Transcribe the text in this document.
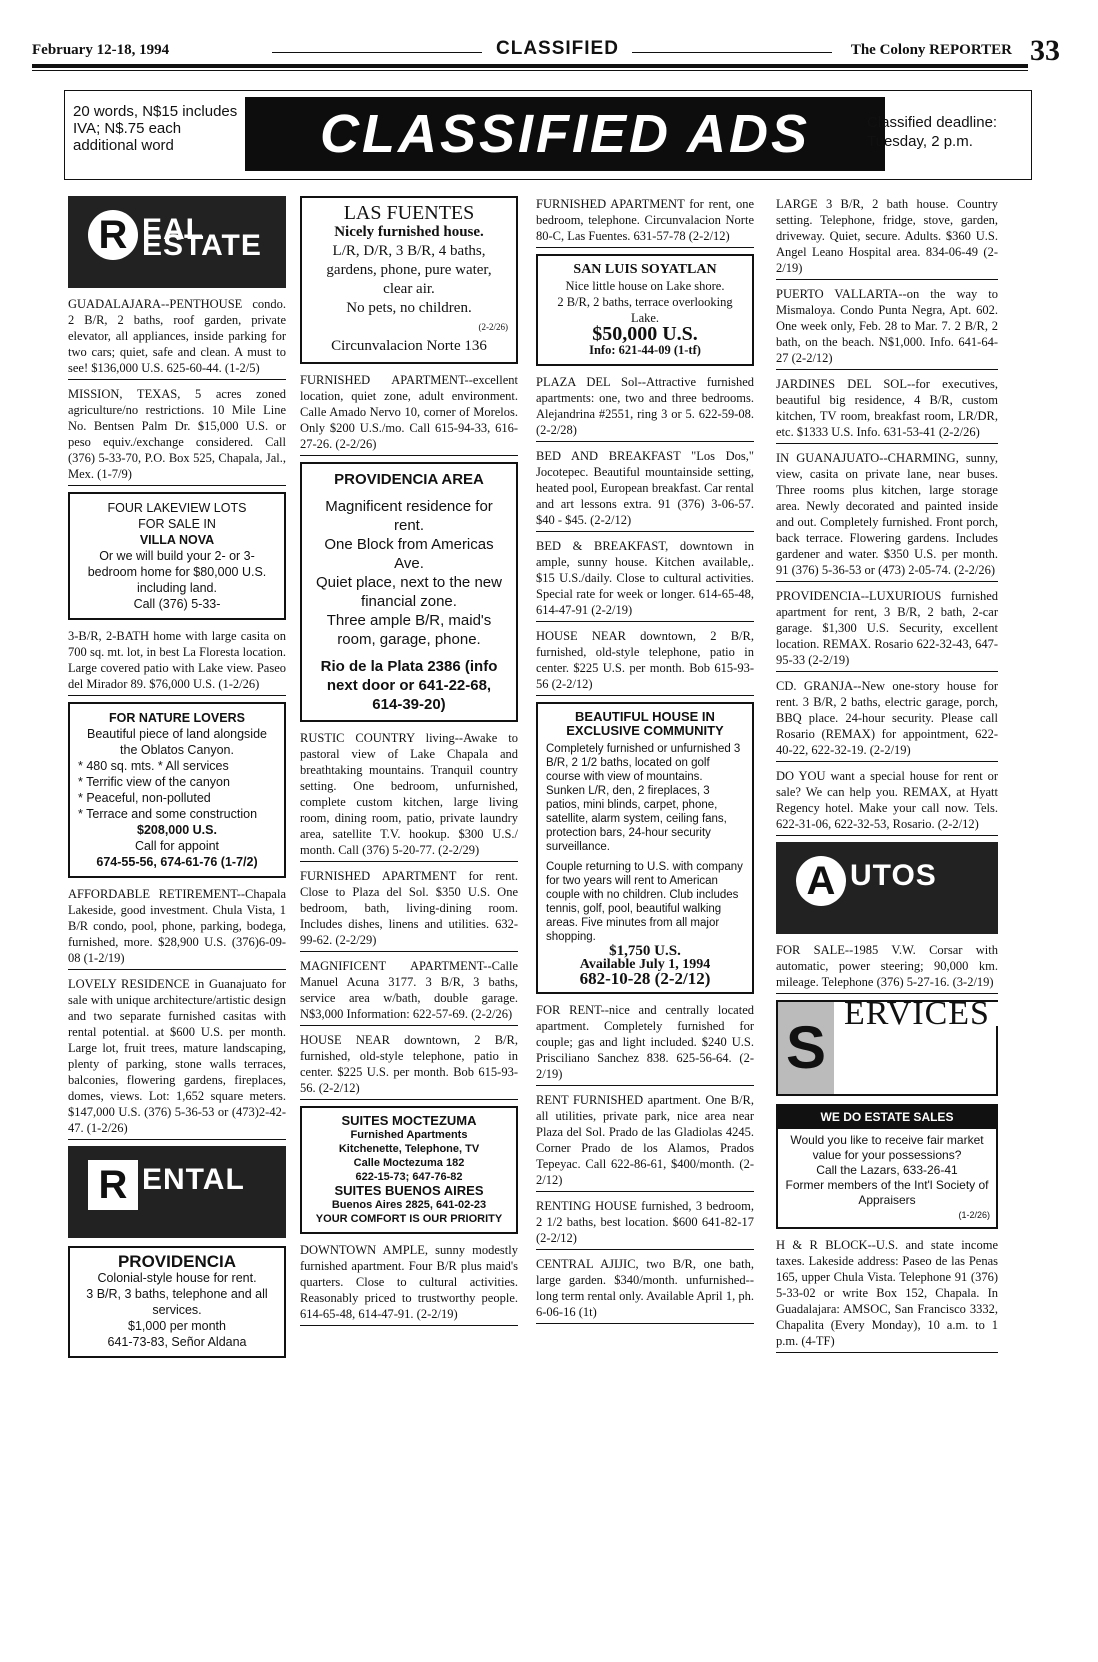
February 12-18, 1994	CLASSIFIED	The Colony REPORTER 33
20 words, N$15 includes IVA; N$.75 each additional word	CLASSIFIED ADS	Classified deadline: Tuesday, 2 p.m.
R EAL ESTATE

GUADALAJARA--PENTHOUSE condo. 2 B/R, 2 baths, roof garden, private elevator, all appliances, inside parking for two cars; quiet, safe and clean. A must to see! $136,000 U.S. 625-60-44. (1-2/5)

MISSION, TEXAS, 5 acres zoned agriculture/no restrictions. 10 Mile Line No. Bentsen Palm Dr. $15,000 U.S. or peso equiv./exchange considered. Call (376) 5-33-70, P.O. Box 525, Chapala, Jal., Mex. (1-7/9)

FOUR LAKEVIEW LOTS
FOR SALE IN
VILLA NOVA
Or we will build your 2- or 3-bedroom home for $80,000 U.S. including land.
Call (376) 5-33-

3-B/R, 2-BATH home with large casita on 700 sq. mt. lot, in best La Floresta location. Large covered patio with Lake view. Paseo del Mirador 89. $76,000 U.S. (1-2/26)

FOR NATURE LOVERS
Beautiful piece of land alongside the Oblatos Canyon.
* 480 sq. mts. * All services
* Terrific view of the canyon
* Peaceful, non-polluted
* Terrace and some construction
$208,000 U.S.
Call for appoint
674-55-56, 674-61-76 (1-7/2)

AFFORDABLE RETIREMENT--Chapala Lakeside, good investment. Chula Vista, 1 B/R condo, pool, phone, parking, bodega, furnished, more. $28,900 U.S. (376)6-09-08 (1-2/19)

LOVELY RESIDENCE in Guanajuato for sale with unique architecture/artistic design and two separate furnished casitas with rental potential. at $600 U.S. per month. Large lot, fruit trees, mature landscaping, plenty of parking, stone walls terraces, balconies, flowering gardens, fireplaces, domes, views. Lot: 1,652 square meters. $147,000 U.S. (376) 5-36-53 or (473)2-42-47. (1-2/26)

R ENTAL
PROVIDENCIA
Colonial-style house for rent.
3 B/R, 3 baths, telephone and all services.
$1,000 per month
641-73-83, Señor Aldana
LAS FUENTES
Nicely furnished house.
L/R, D/R, 3 B/R, 4 baths, gardens, phone, pure water, clear air.
No pets, no children.
(2-2/26)
Circunvalacion Norte 136

FURNISHED APARTMENT--excellent location, quiet zone, adult environment. Calle Amado Nervo 10, corner of Morelos. Only $200 U.S./mo. Call 615-94-33, 616-27-26. (2-2/26)

PROVIDENCIA AREA
Magnificent residence for rent.
One Block from Americas Ave.
Quiet place, next to the new financial zone.
Three ample B/R, maid's room, garage, phone.
Rio de la Plata 2386 (info next door or 641-22-68, 614-39-20)

RUSTIC COUNTRY living--Awake to pastoral view of Lake Chapala and breathtaking mountains. Tranquil country setting. One bedroom, unfurnished, complete custom kitchen, large living room, dining room, patio, private laundry area, satellite T.V. hookup. $300 U.S./ month. Call (376) 5-20-77. (2-2/29)

FURNISHED APARTMENT for rent. Close to Plaza del Sol. $350 U.S. One bedroom, bath, living-dining room. Includes dishes, linens and utilities. 632-99-62. (2-2/29)

MAGNIFICENT APARTMENT--Calle Manuel Acuna 3177. 3 B/R, 3 baths, service area w/bath, double garage. N$3,000 Information: 622-57-69. (2-2/26)

HOUSE NEAR downtown, 2 B/R, furnished, old-style telephone, patio in center. $225 U.S. per month. Bob 615-93-56. (2-2/12)

SUITES MOCTEZUMA
Furnished Apartments
Kitchenette, Telephone, TV
Calle Moctezuma 182
622-15-73; 647-76-82
SUITES BUENOS AIRES
Buenos Aires 2825, 641-02-23
YOUR COMFORT IS OUR PRIORITY

DOWNTOWN AMPLE, sunny modestly furnished apartment. Four B/R plus maid's quarters. Close to cultural activities. Reasonably priced to trustworthy people. 614-65-48, 614-47-91. (2-2/19)

FURNISHED APARTMENT for rent, one bedroom, telephone. Circunvalacion Norte 80-C, Las Fuentes. 631-57-78 (2-2/12)

SAN LUIS SOYATLAN
Nice little house on Lake shore.
2 B/R, 2 baths, terrace overlooking Lake.
$50,000 U.S.
Info: 621-44-09 (1-tf)

PLAZA DEL Sol--Attractive furnished apartments: one, two and three bedrooms. Alejandrina #2551, ring 3 or 5. 622-59-08. (2-2/28)

BED AND BREAKFAST "Los Dos," Jocotepec. Beautiful mountainside setting, heated pool, European breakfast. Car rental and art lessons extra. 91 (376) 3-06-57. $40 - $45. (2-2/12)

BED & BREAKFAST, downtown in ample, sunny house. Kitchen available,. $15 U.S./daily. Close to cultural activities. Special rate for week or longer. 614-65-48, 614-47-91 (2-2/19)

HOUSE NEAR downtown, 2 B/R, furnished, old-style telephone, patio in center. $225 U.S. per month. Bob 615-93-56 (2-2/12)

BEAUTIFUL HOUSE IN EXCLUSIVE COMMUNITY
Completely furnished or unfurnished 3 B/R, 2 1/2 baths, located on golf course with view of mountains. Sunken L/R, den, 2 fireplaces, 3 patios, mini blinds, carpet, phone, satellite, alarm system, ceiling fans, protection bars, 24-hour security surveillance.
Couple returning to U.S. with company for two years will rent to American couple with no children. Club includes tennis, golf, pool, beautiful walking areas. Five minutes from all major shopping.
$1,750 U.S.
Available July 1, 1994
682-10-28 (2-2/12)

FOR RENT--nice and centrally located apartment. Completely furnished for couple; gas and light included. $240 U.S. Prisciliano Sanchez 838. 625-56-64. (2-2/19)

RENT FURNISHED apartment. One B/R, all utilities, private park, nice area near Plaza del Sol. Prado de las Gladiolas 4245. Corner Prado de los Alamos, Prados Tepeyac. Call 622-86-61, $400/month. (2-2/12)

RENTING HOUSE furnished, 3 bedroom, 2 1/2 baths, best location. $600 641-82-17 (2-2/12)

CENTRAL AJIJIC, two B/R, one bath, large garden. $340/month. unfurnished--long term rental only. Available April 1, ph. 6-06-16 (1t)

LARGE 3 B/R, 2 bath house. Country setting. Telephone, fridge, stove, garden, driveway. Quiet, secure. Adults. $360 U.S. Angel Leano Hospital area. 834-06-49 (2-2/19)

PUERTO VALLARTA--on the way to Mismaloya. Condo Punta Negra, Apt. 602. One week only, Feb. 28 to Mar. 7. 2 B/R, 2 bath, on the beach. N$1,000. Info. 641-64-27 (2-2/12)

JARDINES DEL SOL--for executives, beautiful big residence, 4 B/R, custom kitchen, TV room, breakfast room, LR/DR, etc. $1333 U.S. Info. 631-53-41 (2-2/26)

IN GUANAJUATO--CHARMING, sunny, view, casita on private lane, near buses. Three rooms plus kitchen, large storage area. Newly decorated and painted inside and out. Completely furnished. Front porch, back terrace. Flowering gardens. Includes gardener and water. $350 U.S. per month. 91 (376) 5-36-53 or (473) 2-05-74. (2-2/26)

PROVIDENCIA--LUXURIOUS furnished apartment for rent, 3 B/R, 2 bath, 2-car garage. $1,300 U.S. Security, excellent location. REMAX. Rosario 622-32-43, 647-95-33 (2-2/19)

CD. GRANJA--New one-story house for rent. 3 B/R, 2 baths, electric garage, porch, BBQ place. 24-hour security. Please call Rosario (REMAX) for appointment, 622-40-22, 622-32-19. (2-2/19)

DO YOU want a special house for rent or sale? We can help you. REMAX, at Hyatt Regency hotel. Make your call now. Tels. 622-31-06, 622-32-53, Rosario. (2-2/12)

A UTOS

FOR SALE--1985 V.W. Corsar with automatic, power steering; 90,000 km. mileage. Telephone (376) 5-27-16. (3-2/19)

S
ERVICES
WE DO ESTATE SALES
Would you like to receive fair market value for your possessions?
Call the Lazars, 633-26-41
Former members of the Int'l Society of Appraisers
(1-2/26)

H & R BLOCK--U.S. and state income taxes. Lakeside address: Paseo de las Penas 165, upper Chula Vista. Telephone 91 (376) 5-33-02 or write Box 152, Chapala. In Guadalajara: AMSOC, San Francisco 3332, Chapalita (Every Monday), 10 a.m. to 1 p.m. (4-TF)
